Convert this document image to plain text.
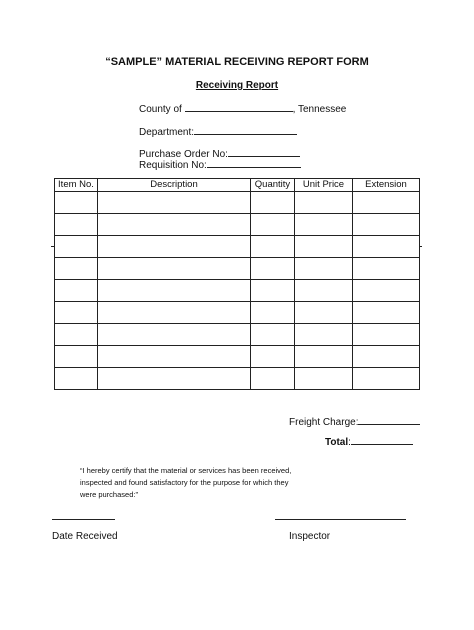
“SAMPLE” MATERIAL RECEIVING REPORT FORM
Receiving Report
County of	, Tennessee
Department:
Purchase Order No:
Requisition No:
Item No.	Description	Quantity	Unit Price	Extension

Freight Charge:
Total:
“I hereby certify that the material or services has been received,
inspected and found satisfactory for the purpose for which they
were purchased:”
Date Received	Inspector
